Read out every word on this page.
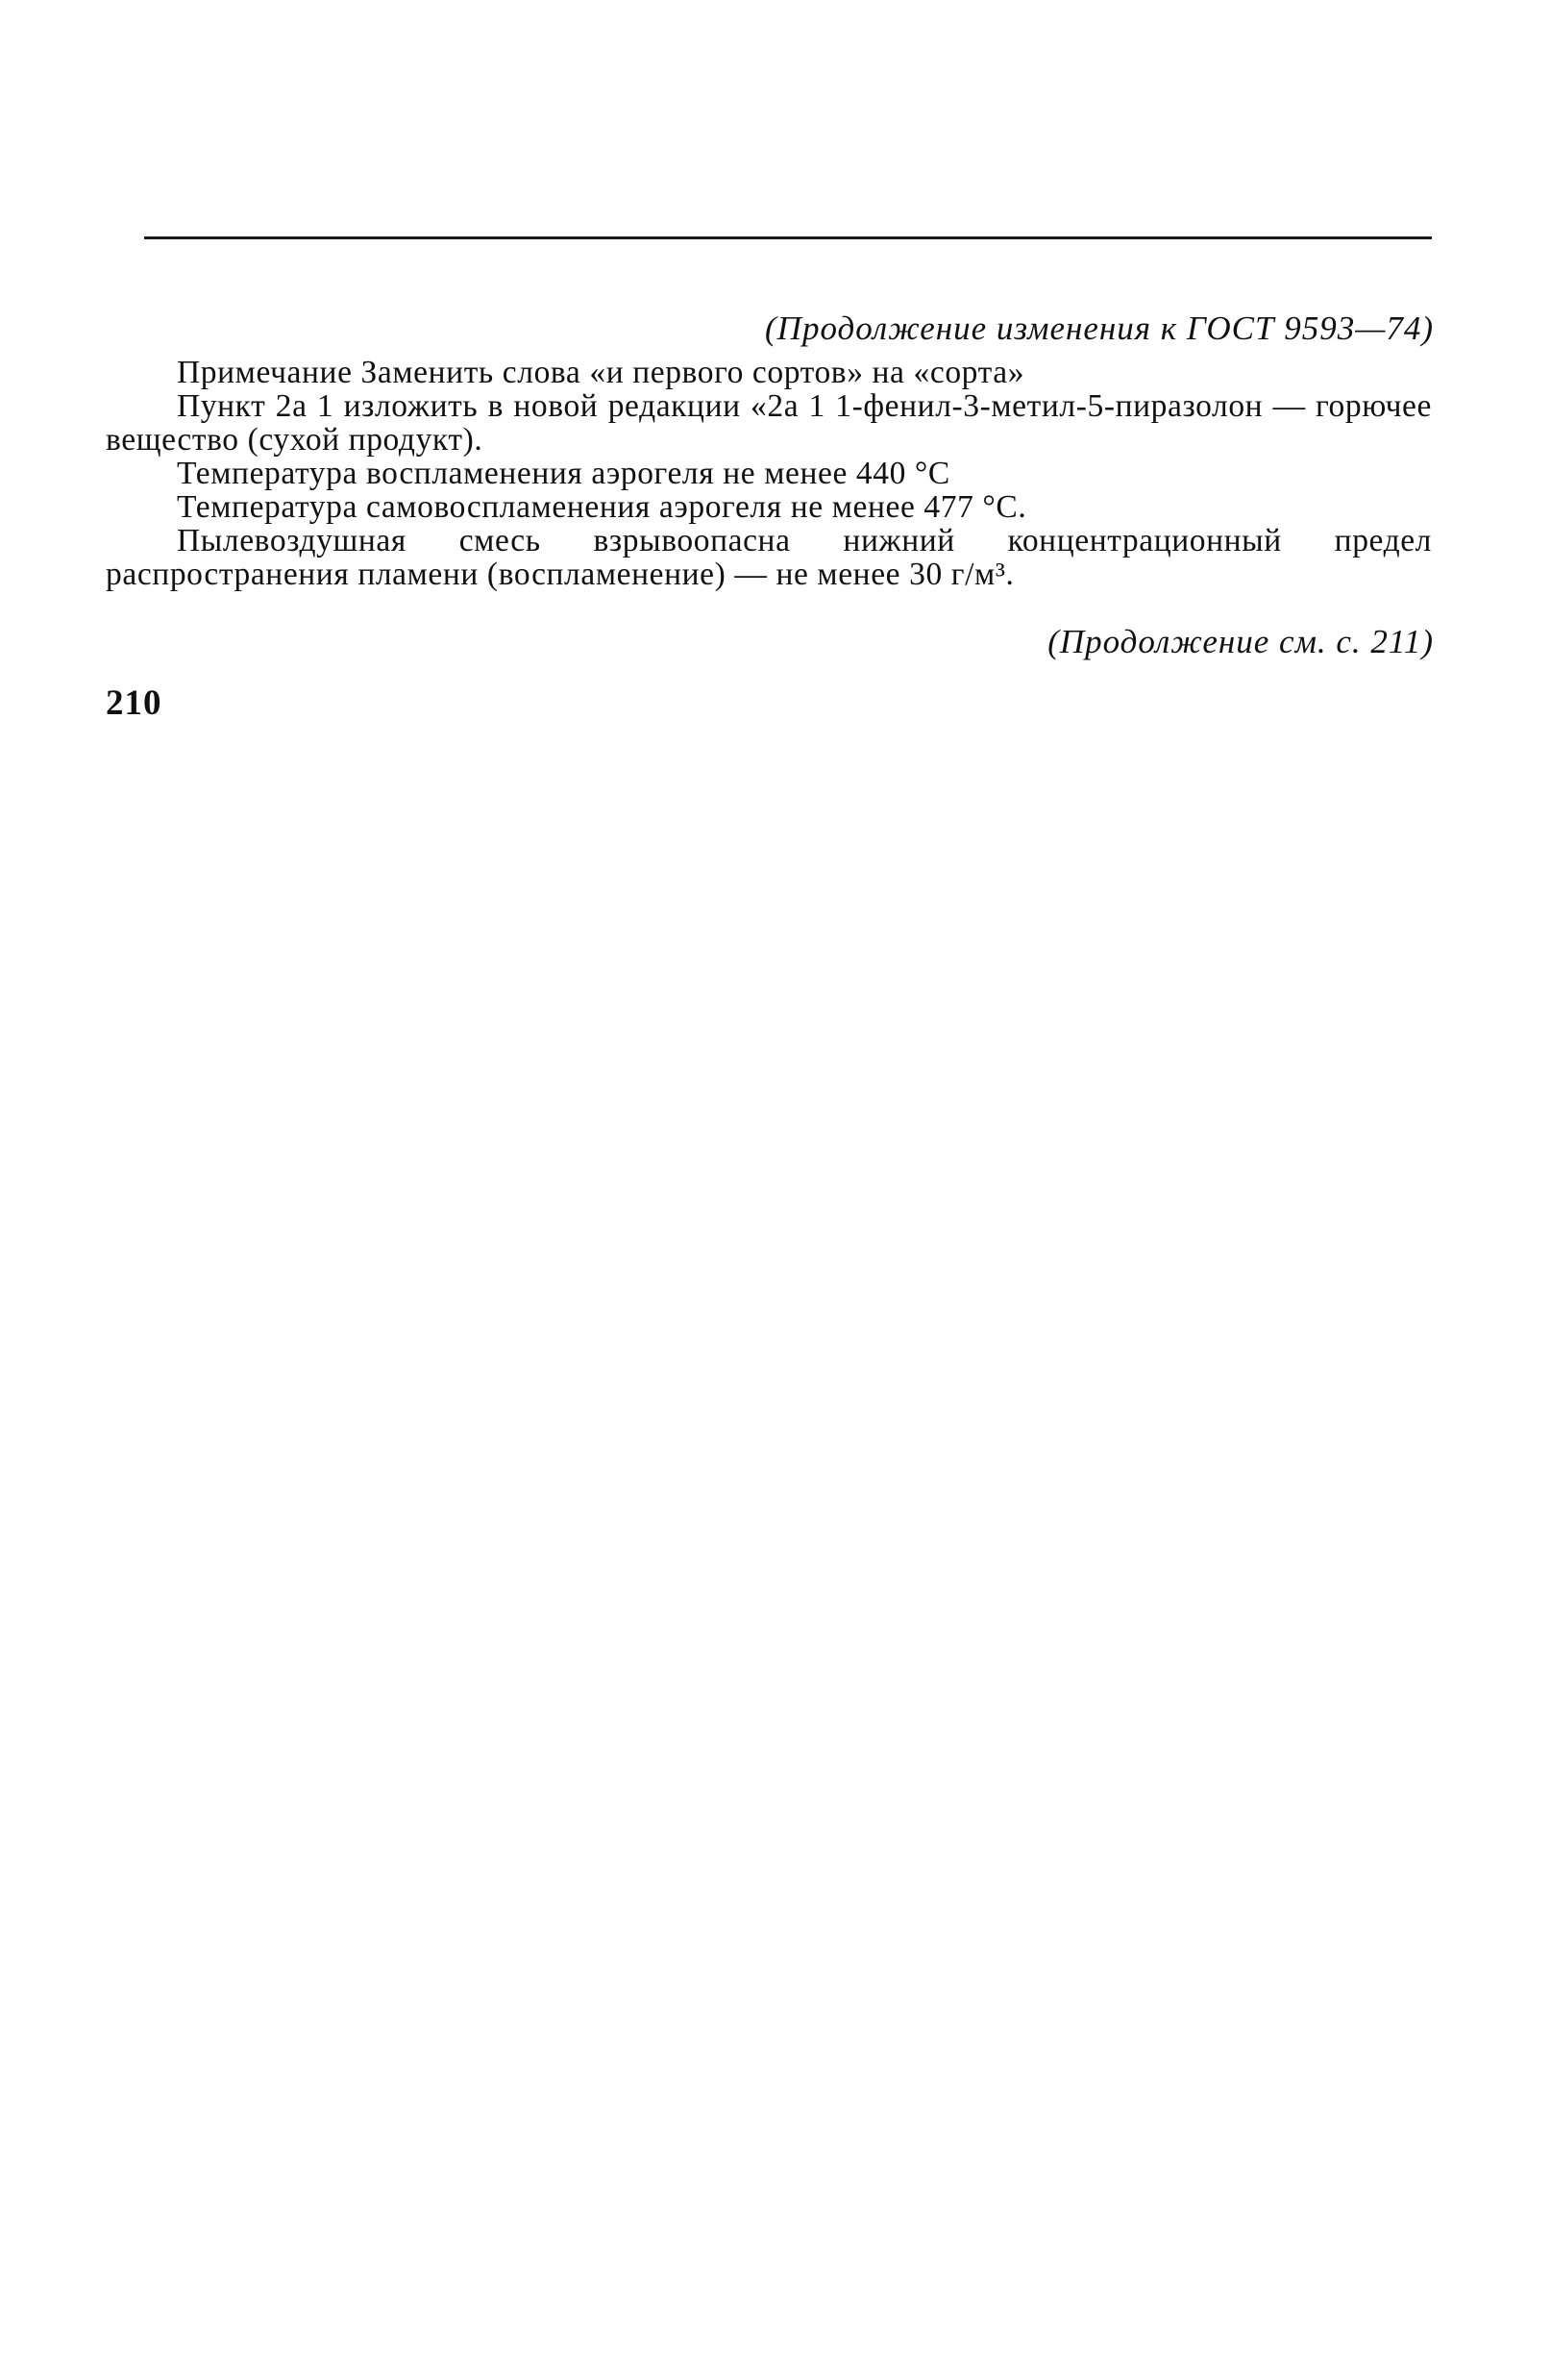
(Продолжение изменения к ГОСТ 9593—74)

Примечание Заменить слова «и первого сортов» на «сорта»

Пункт 2а 1 изложить в новой редакции «2а 1 1-фенил-3-метил-5-пиразолон — горючее вещество (сухой продукт).

Температура воспламенения аэрогеля не менее 440 °С

Температура самовоспламенения аэрогеля не менее 477 °С.

Пылевоздушная смесь взрывоопасна нижний концентрационный предел распространения пламени (воспламенение) — не менее 30 г/м³.

(Продолжение см. с. 211)
210
